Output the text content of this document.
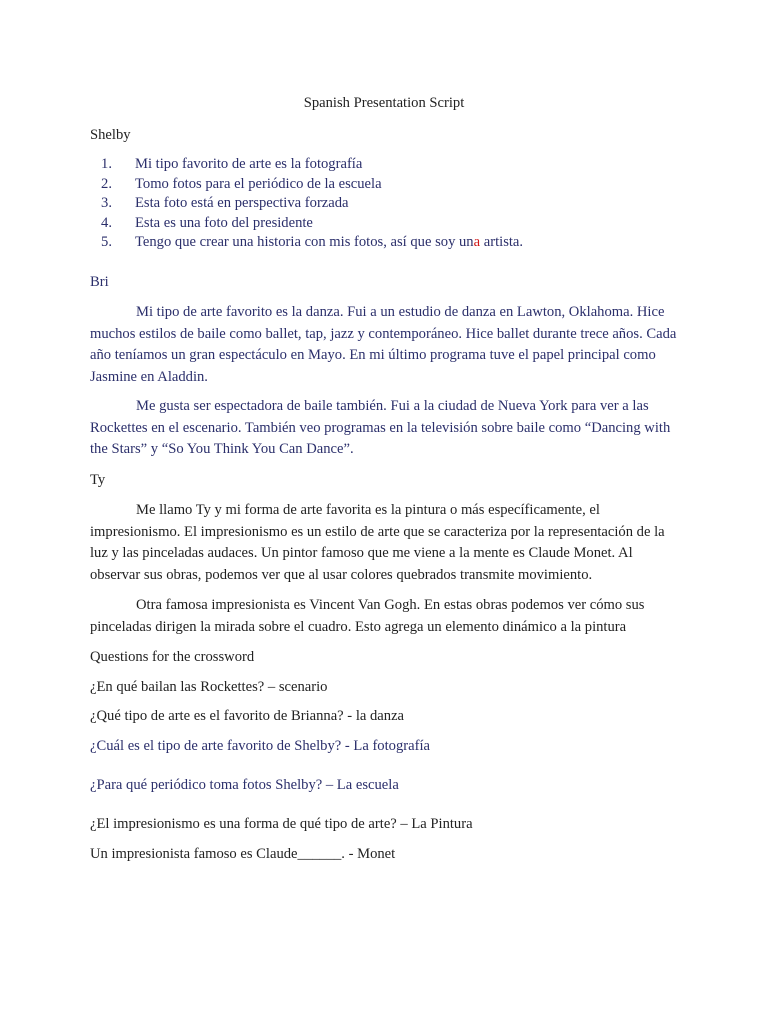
Spanish Presentation Script
Shelby
1. Mi tipo favorito de arte es la fotografía
2. Tomo fotos para el periódico de la escuela
3. Esta foto está en perspectiva forzada
4. Esta es una foto del presidente
5. Tengo que crear una historia con mis fotos, así que soy una artista.
Bri

Mi tipo de arte favorito es la danza. Fui a un estudio de danza en Lawton, Oklahoma. Hice muchos estilos de baile como ballet, tap, jazz y contemporáneo. Hice ballet durante trece años. Cada año teníamos un gran espectáculo en Mayo. En mi último programa tuve el papel principal como Jasmine en Aladdin.

Me gusta ser espectadora de baile también. Fui a la ciudad de Nueva York para ver a las Rockettes en el escenario. También veo programas en la televisión sobre baile como “Dancing with the Stars” y “So You Think You Can Dance”.

Ty

Me llamo Ty y mi forma de arte favorita es la pintura o más específicamente, el impresionismo. El impresionismo es un estilo de arte que se caracteriza por la representación de la luz y las pinceladas audaces. Un pintor famoso que me viene a la mente es Claude Monet. Al observar sus obras, podemos ver que al usar colores quebrados transmite movimiento.

Otra famosa impresionista es Vincent Van Gogh. En estas obras podemos ver cómo sus pinceladas dirigen la mirada sobre el cuadro. Esto agrega un elemento dinámico a la pintura

Questions for the crossword
¿En qué bailan las Rockettes? – scenario
¿Qué tipo de arte es el favorito de Brianna? - la danza
¿Cuál es el tipo de arte favorito de Shelby? - La fotografía
¿Para qué periódico toma fotos Shelby? – La escuela
¿El impresionismo es una forma de qué tipo de arte? – La Pintura
Un impresionista famoso es Claude______. - Monet
